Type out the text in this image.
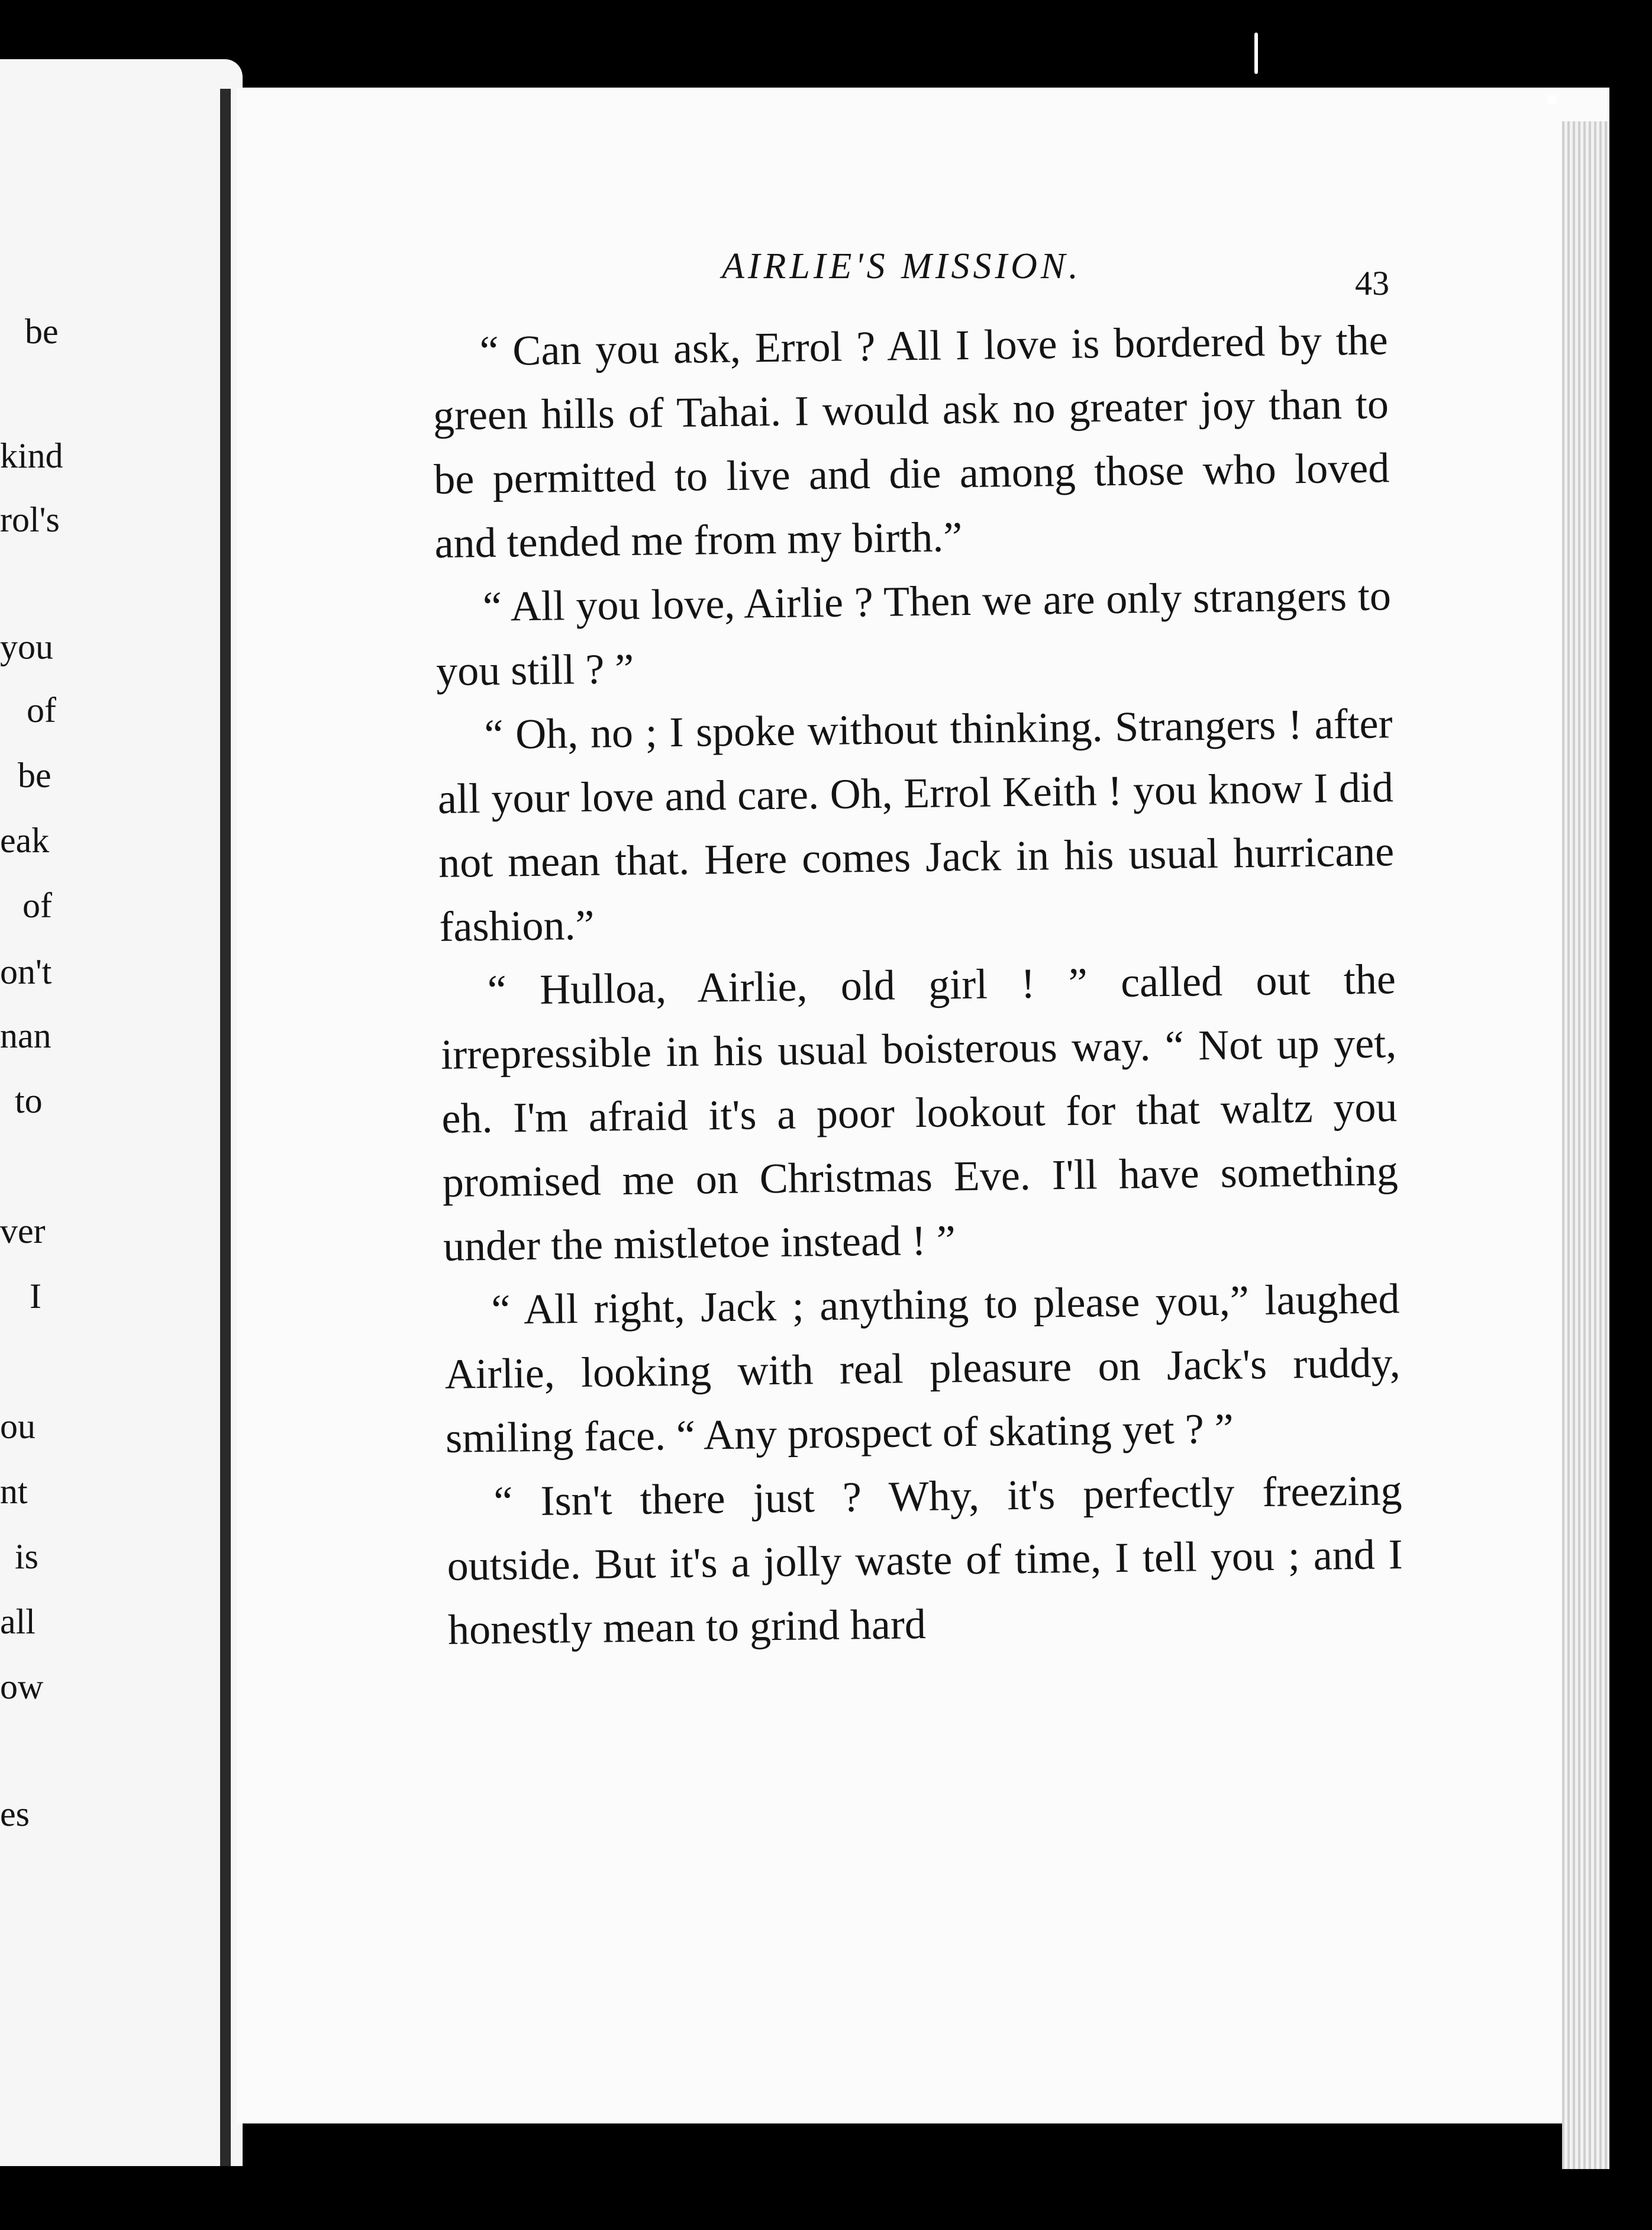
be
kind
rol's
you
of
be
eak
of
on't
nan
to
ver
I
ou
nt
is
all
ow
es
AIRLIE'S MISSION.	43

“ Can you ask, Errol ? All I love is bordered by the green hills of Tahai. I would ask no greater joy than to be permitted to live and die among those who loved and tended me from my birth.”

“ All you love, Airlie ? Then we are only strangers to you still ? ”

“ Oh, no ; I spoke without thinking. Strangers ! after all your love and care. Oh, Errol Keith ! you know I did not mean that. Here comes Jack in his usual hurricane fashion.”

“ Hulloa, Airlie, old girl ! ” called out the irrepressible in his usual boisterous way. “ Not up yet, eh. I'm afraid it's a poor lookout for that waltz you promised me on Christmas Eve. I'll have something under the mistletoe instead ! ”

“ All right, Jack ; anything to please you,” laughed Airlie, looking with real pleasure on Jack's ruddy, smiling face. “ Any prospect of skating yet ? ”

“ Isn't there just ? Why, it's perfectly freezing outside. But it's a jolly waste of time, I tell you ; and I honestly mean to grind hard
